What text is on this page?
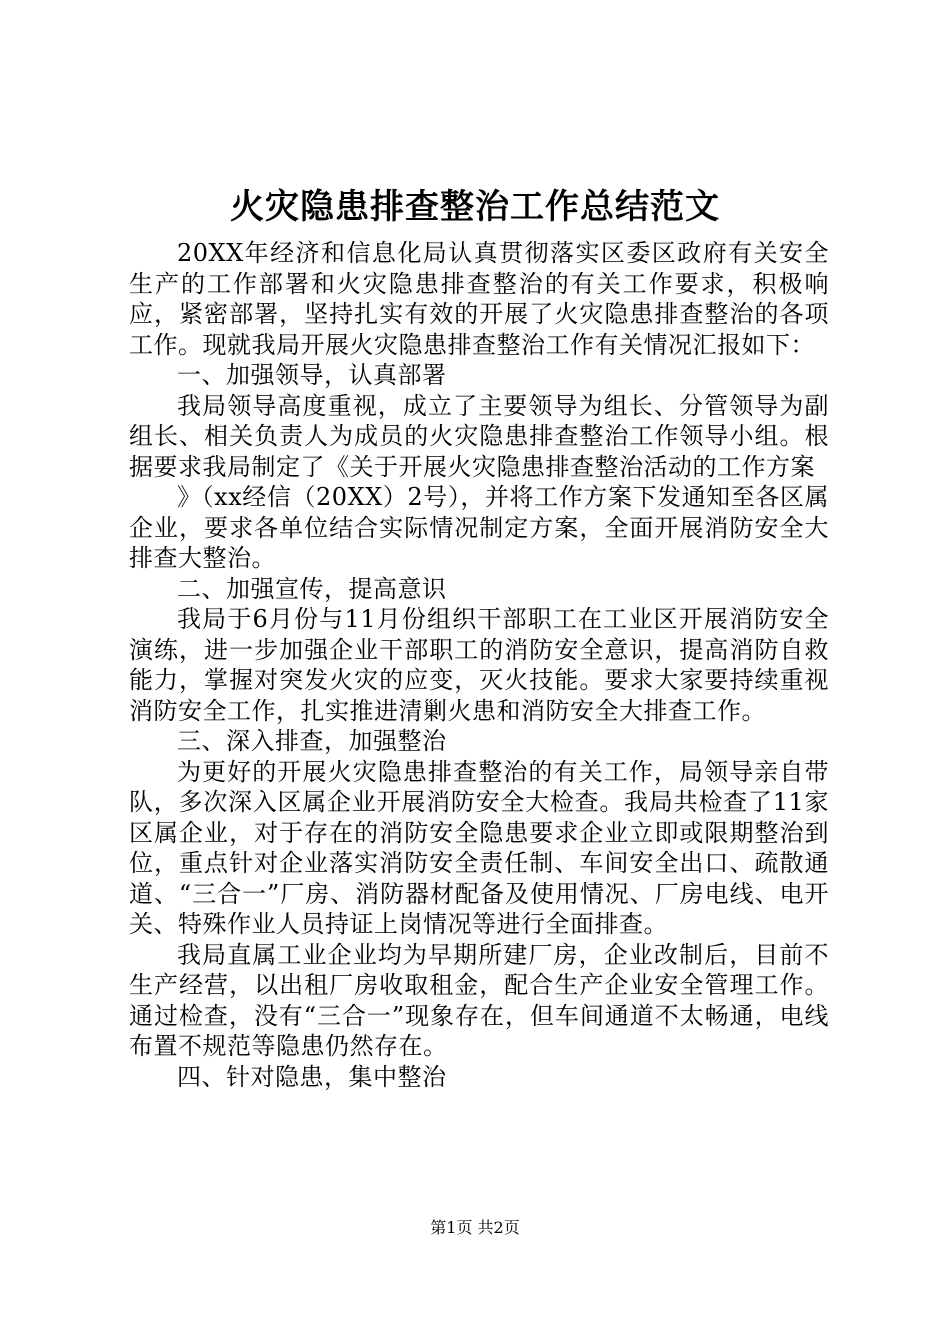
火灾隐患排查整治工作总结范文

20XX年经济和信息化局认真贯彻落实区委区政府有关安全生产的工作部署和火灾隐患排查整治的有关工作要求，积极响应，紧密部署，坚持扎实有效的开展了火灾隐患排查整治的各项工作。现就我局开展火灾隐患排查整治工作有关情况汇报如下：

一、加强领导，认真部署

我局领导高度重视，成立了主要领导为组长、分管领导为副组长、相关负责人为成员的火灾隐患排查整治工作领导小组。根据要求我局制定了《关于开展火灾隐患排查整治活动的工作方案

》（xx经信（20XX）2号），并将工作方案下发通知至各区属企业，要求各单位结合实际情况制定方案，全面开展消防安全大排查大整治。

二、加强宣传，提高意识

我局于6月份与11月份组织干部职工在工业区开展消防安全演练，进一步加强企业干部职工的消防安全意识，提高消防自救能力，掌握对突发火灾的应变，灭火技能。要求大家要持续重视消防安全工作，扎实推进清剿火患和消防安全大排查工作。

三、深入排查，加强整治

为更好的开展火灾隐患排查整治的有关工作，局领导亲自带队，多次深入区属企业开展消防安全大检查。我局共检查了11家区属企业，对于存在的消防安全隐患要求企业立即或限期整治到位，重点针对企业落实消防安全责任制、车间安全出口、疏散通道、“三合一”厂房、消防器材配备及使用情况、厂房电线、电开关、特殊作业人员持证上岗情况等进行全面排查。

我局直属工业企业均为早期所建厂房，企业改制后，目前不生产经营，以出租厂房收取租金，配合生产企业安全管理工作。通过检查，没有“三合一”现象存在，但车间通道不太畅通，电线布置不规范等隐患仍然存在。

四、针对隐患，集中整治

第1页 共2页
